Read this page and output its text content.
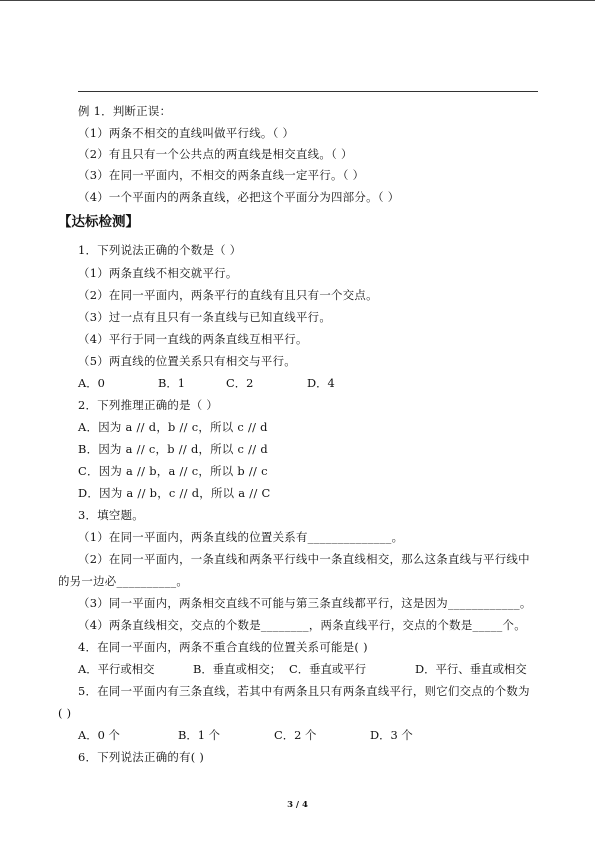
例 1．判断正误：
（1）两条不相交的直线叫做平行线。（ ）
（2）有且只有一个公共点的两直线是相交直线。（ ）
（3）在同一平面内，不相交的两条直线一定平行。（ ）
（4）一个平面内的两条直线，必把这个平面分为四部分。（ ）
【达标检测】
1．下列说法正确的个数是（ ）
（1）两条直线不相交就平行。
（2）在同一平面内，两条平行的直线有且只有一个交点。
（3）过一点有且只有一条直线与已知直线平行。
（4）平行于同一直线的两条直线互相平行。
（5）两直线的位置关系只有相交与平行。
A．0	B．1	C．2	D．4
2．下列推理正确的是（ ）
A．因为 a // d，b // c，所以 c // d
B．因为 a // c，b // d，所以 c // d
C．因为 a // b，a // c，所以 b // c
D．因为 a // b，c // d，所以 a // C
3．填空题。
（1）在同一平面内，两条直线的位置关系有______________。
（2）在同一平面内，一条直线和两条平行线中一条直线相交，那么这条直线与平行线中
的另一边必__________。
（3）同一平面内，两条相交直线不可能与第三条直线都平行，这是因为____________。
（4）两条直线相交，交点的个数是________，两条直线平行，交点的个数是_____个。
4．在同一平面内，两条不重合直线的位置关系可能是( )
A．平行或相交	B．垂直或相交； C．垂直或平行	D．平行、垂直或相交
5．在同一平面内有三条直线，若其中有两条且只有两条直线平行，则它们交点的个数为
( )
A．0 个	B．1 个	C．2 个	D．3 个
6．下列说法正确的有( )
3 / 4
